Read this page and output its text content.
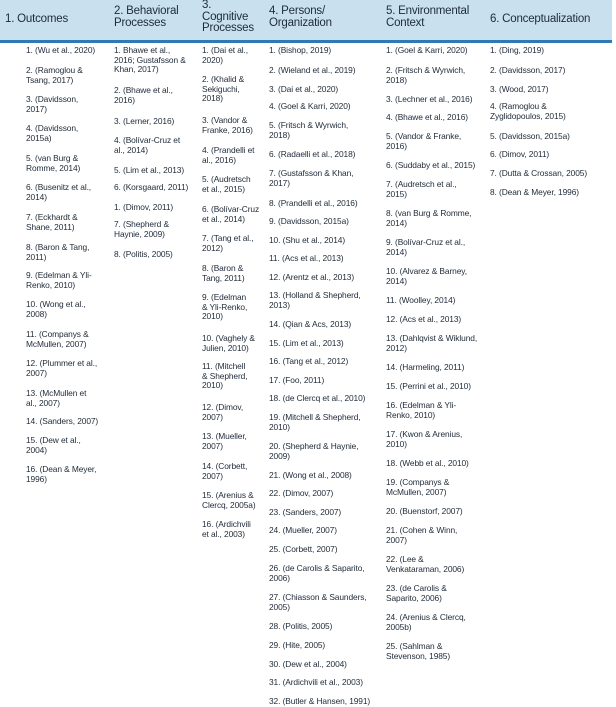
1. Outcomes
2. Behavioral
Processes
3.
Cognitive
Processes
4. Persons/
Organization
5. Environmental
Context	6. Conceptualization
1. (Wu et al., 2020)
2. (Ramoglou &
Tsang, 2017)
3. (Davidsson,
2017)
4. (Davidsson,
2015a)
5. (van Burg &
Romme, 2014)
6. (Busenitz et al.,
2014)
7. (Eckhardt &
Shane, 2011)
8. (Baron & Tang,
2011)
9. (Edelman & Yli-
Renko, 2010)
10. (Wong et al.,
2008)
11. (Companys &
McMullen, 2007)
12. (Plummer et al.,
2007)
13. (McMullen et
al., 2007)
14. (Sanders, 2007)
15. (Dew et al.,
2004)
16. (Dean & Meyer,
1996)
1. Bhawe et al.,
2016; Gustafsson &
Khan, 2017)
2. (Bhawe et al.,
2016)
3. (Lerner, 2016)
4. (Bolívar-Cruz et
al., 2014)
5. (Lim et al., 2013)
6. (Korsgaard, 2011)
1. (Dimov, 2011)
7. (Shepherd &
Haynie, 2009)
8. (Politis, 2005)
1. (Dai et al.,
2020)
2. (Khalid &
Sekiguchi,
2018)
3. (Vandor &
Franke, 2016)
4. (Prandelli et
al., 2016)
5. (Audretsch
et al., 2015)
6. (Bolívar-Cruz
et al., 2014)
7. (Tang et al.,
2012)
8. (Baron &
Tang, 2011)
9. (Edelman
& Yli-Renko,
2010)
10. (Vaghely &
Julien, 2010)
11. (Mitchell
& Shepherd,
2010)
12. (Dimov,
2007)
13. (Mueller,
2007)
14. (Corbett,
2007)
15. (Arenius &
Clercq, 2005a)
16. (Ardichvili
et al., 2003)
1. (Bishop, 2019)
2. (Wieland et al., 2019)
3. (Dai et al., 2020)
4. (Goel & Karri, 2020)
5. (Fritsch & Wyrwich,
2018)
6. (Radaelli et al., 2018)
7. (Gustafsson & Khan,
2017)
8. (Prandelli et al., 2016)
9. (Davidsson, 2015a)
10. (Shu et al., 2014)
11. (Acs et al., 2013)
12. (Arentz et al., 2013)
13. (Holland & Shepherd,
2013)
14. (Qian & Acs, 2013)
15. (Lim et al., 2013)
16. (Tang et al., 2012)
17. (Foo, 2011)
18. (de Clercq et al., 2010)
19. (Mitchell & Shepherd,
2010)
20. (Shepherd & Haynie,
2009)
21. (Wong et al., 2008)
22. (Dimov, 2007)
23. (Sanders, 2007)
24. (Mueller, 2007)
25. (Corbett, 2007)
26. (de Carolis & Saparito,
2006)
27. (Chiasson & Saunders,
2005)
28. (Politis, 2005)
29. (Hite, 2005)
30. (Dew et al., 2004)
31. (Ardichvili et al., 2003)
32. (Butler & Hansen, 1991)
1. (Goel & Karri, 2020)
2. (Fritsch & Wyrwich,
2018)
3. (Lechner et al., 2016)
4. (Bhawe et al., 2016)
5. (Vandor & Franke,
2016)
6. (Suddaby et al., 2015)
7. (Audretsch et al.,
2015)
8. (van Burg & Romme,
2014)
9. (Bolívar-Cruz et al.,
2014)
10. (Alvarez & Barney,
2014)
11. (Woolley, 2014)
12. (Acs et al., 2013)
13. (Dahlqvist & Wiklund,
2012)
14. (Harmeling, 2011)
15. (Perrini et al., 2010)
16. (Edelman & Yli-
Renko, 2010)
17. (Kwon & Arenius,
2010)
18. (Webb et al., 2010)
19. (Companys &
McMullen, 2007)
20. (Buenstorf, 2007)
21. (Cohen & Winn,
2007)
22. (Lee &
Venkataraman, 2006)
23. (de Carolis &
Saparito, 2006)
24. (Arenius & Clercq,
2005b)
25. (Sahlman &
Stevenson, 1985)
1. (Ding, 2019)
2. (Davidsson, 2017)
3. (Wood, 2017)
4. (Ramoglou &
Zyglidopoulos, 2015)
5. (Davidsson, 2015a)
6. (Dimov, 2011)
7. (Dutta & Crossan, 2005)
8. (Dean & Meyer, 1996)
